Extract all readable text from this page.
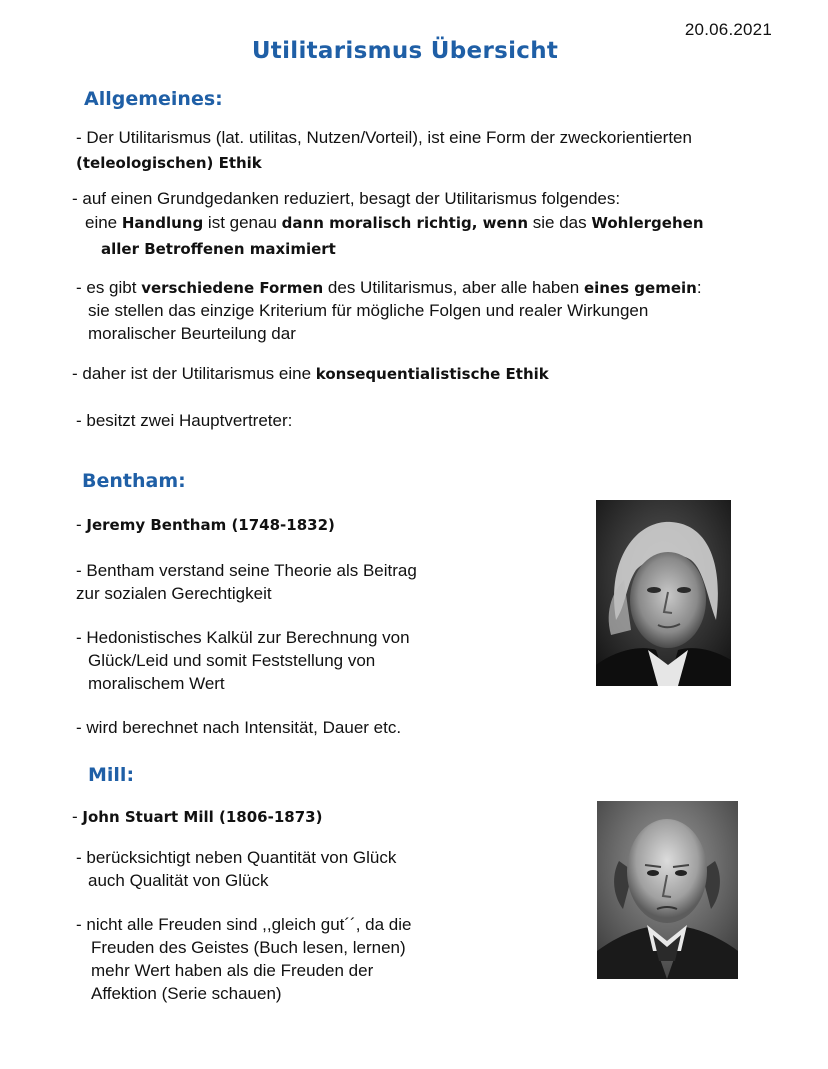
20.06.2021
Utilitarismus Übersicht
Allgemeines:
- Der Utilitarismus (lat. utilitas, Nutzen/Vorteil), ist eine Form der zweckorientierten
(teleologischen) Ethik
- auf einen Grundgedanken reduziert, besagt der Utilitarismus folgendes:
eine Handlung ist genau dann moralisch richtig, wenn sie das Wohlergehen
aller Betroffenen maximiert
- es gibt verschiedene Formen des Utilitarismus, aber alle haben eines gemein:
sie stellen das einzige Kriterium für mögliche Folgen und realer Wirkungen
moralischer Beurteilung dar
- daher ist der Utilitarismus eine konsequentialistische Ethik
- besitzt zwei Hauptvertreter:
Bentham:
- Jeremy Bentham (1748-1832)
- Bentham verstand seine Theorie als Beitrag
zur sozialen Gerechtigkeit
- Hedonistisches Kalkül zur Berechnung von
Glück/Leid und somit Feststellung von
moralischem Wert
- wird berechnet nach Intensität, Dauer etc.
Mill:
- John Stuart Mill (1806-1873)
- berücksichtigt neben Quantität von Glück
auch Qualität von Glück
- nicht alle Freuden sind ,,gleich gut´´, da die
Freuden des Geistes (Buch lesen, lernen)
mehr Wert haben als die Freuden der
Affektion (Serie schauen)
